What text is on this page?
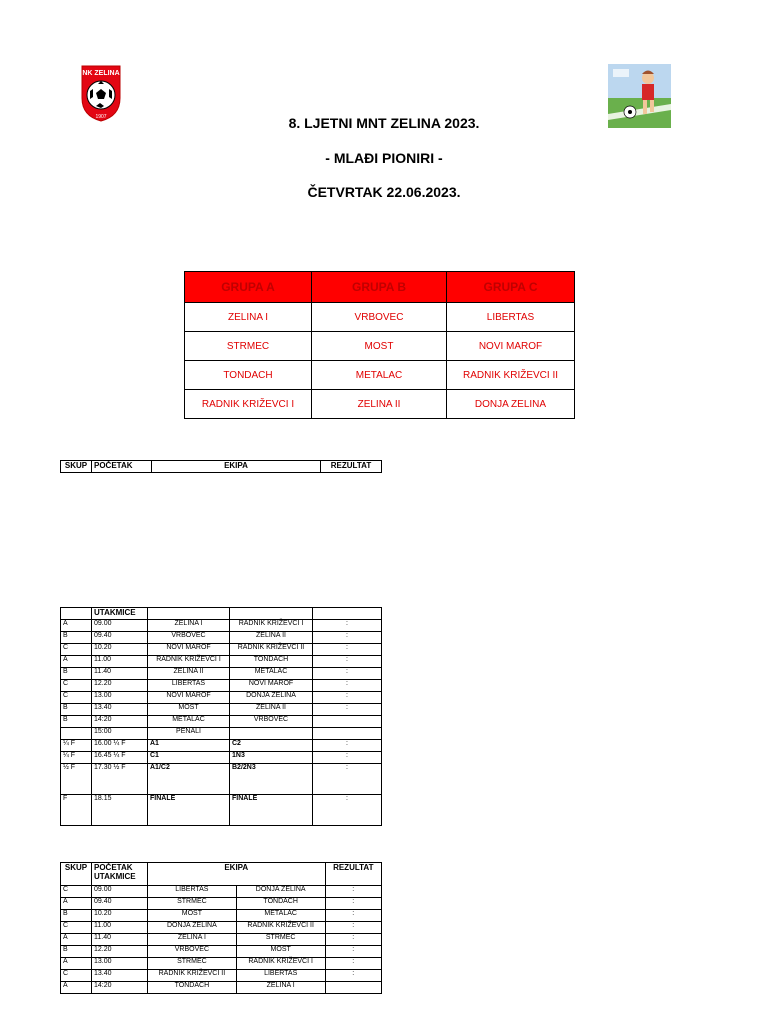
NK ZELINA
1907	8. LJETNI MNT ZELINA 2023.
- MLAĐI PIONIRI -
ČETVRTAK 22.06.2023.
GRUPA A	GRUPA B	GRUPA C
ZELINA I	VRBOVEC	LIBERTAS
STRMEC	MOST	NOVI MAROF
TONDACH	METALAC	RADNIK KRIŽEVCI II
RADNIK KRIŽEVCI I	ZELINA II	DONJA ZELINA
SKUP	POČETAK	EKIPA	REZULTAT
	UTAKMICE			
A	09.00	ZELINA I	RADNIK KRIŽEVCI I	:
B	09.40	VRBOVEC	ZELINA II	:
C	10.20	NOVI MAROF	RADNIK KRIŽEVCI II	:
A	11.00	RADNIK KRIŽEVCI I	TONDACH	:
B	11.40	ZELINA II	METALAC	:
C	12.20	LIBERTAS	NOVI MAROF	:
C	13.00	NOVI MAROF	DONJA ZELINA	:
B	13.40	MOST	ZELINA II	:
B	14:20	METALAC	VRBOVEC	
	15:00	PENALI		
¼ F	16.00 ¼ F	A1	C2	:
¼ F	16.45 ¼ F	C1	1N3	:
½ F	17.30 ½ F	A1/C2	B2/2N3	:
F	18.15	FINALE	FINALE	:
SKUP	POČETAK UTAKMICE	EKIPA		REZULTAT
C	09.00	LIBERTAS	DONJA ZELINA	:
A	09.40	STRMEC	TONDACH	:
B	10.20	MOST	METALAC	:
C	11.00	DONJA ZELINA	RADNIK KRIŽEVCI II	:
A	11.40	ZELINA I	STRMEC	:
B	12.20	VRBOVEC	MOST	:
A	13.00	STRMEC	RADNIK KRIŽEVCI I	:
C	13.40	RADNIK KRIŽEVCI II	LIBERTAS	:
A	14:20	TONDACH	ZELINA I	
